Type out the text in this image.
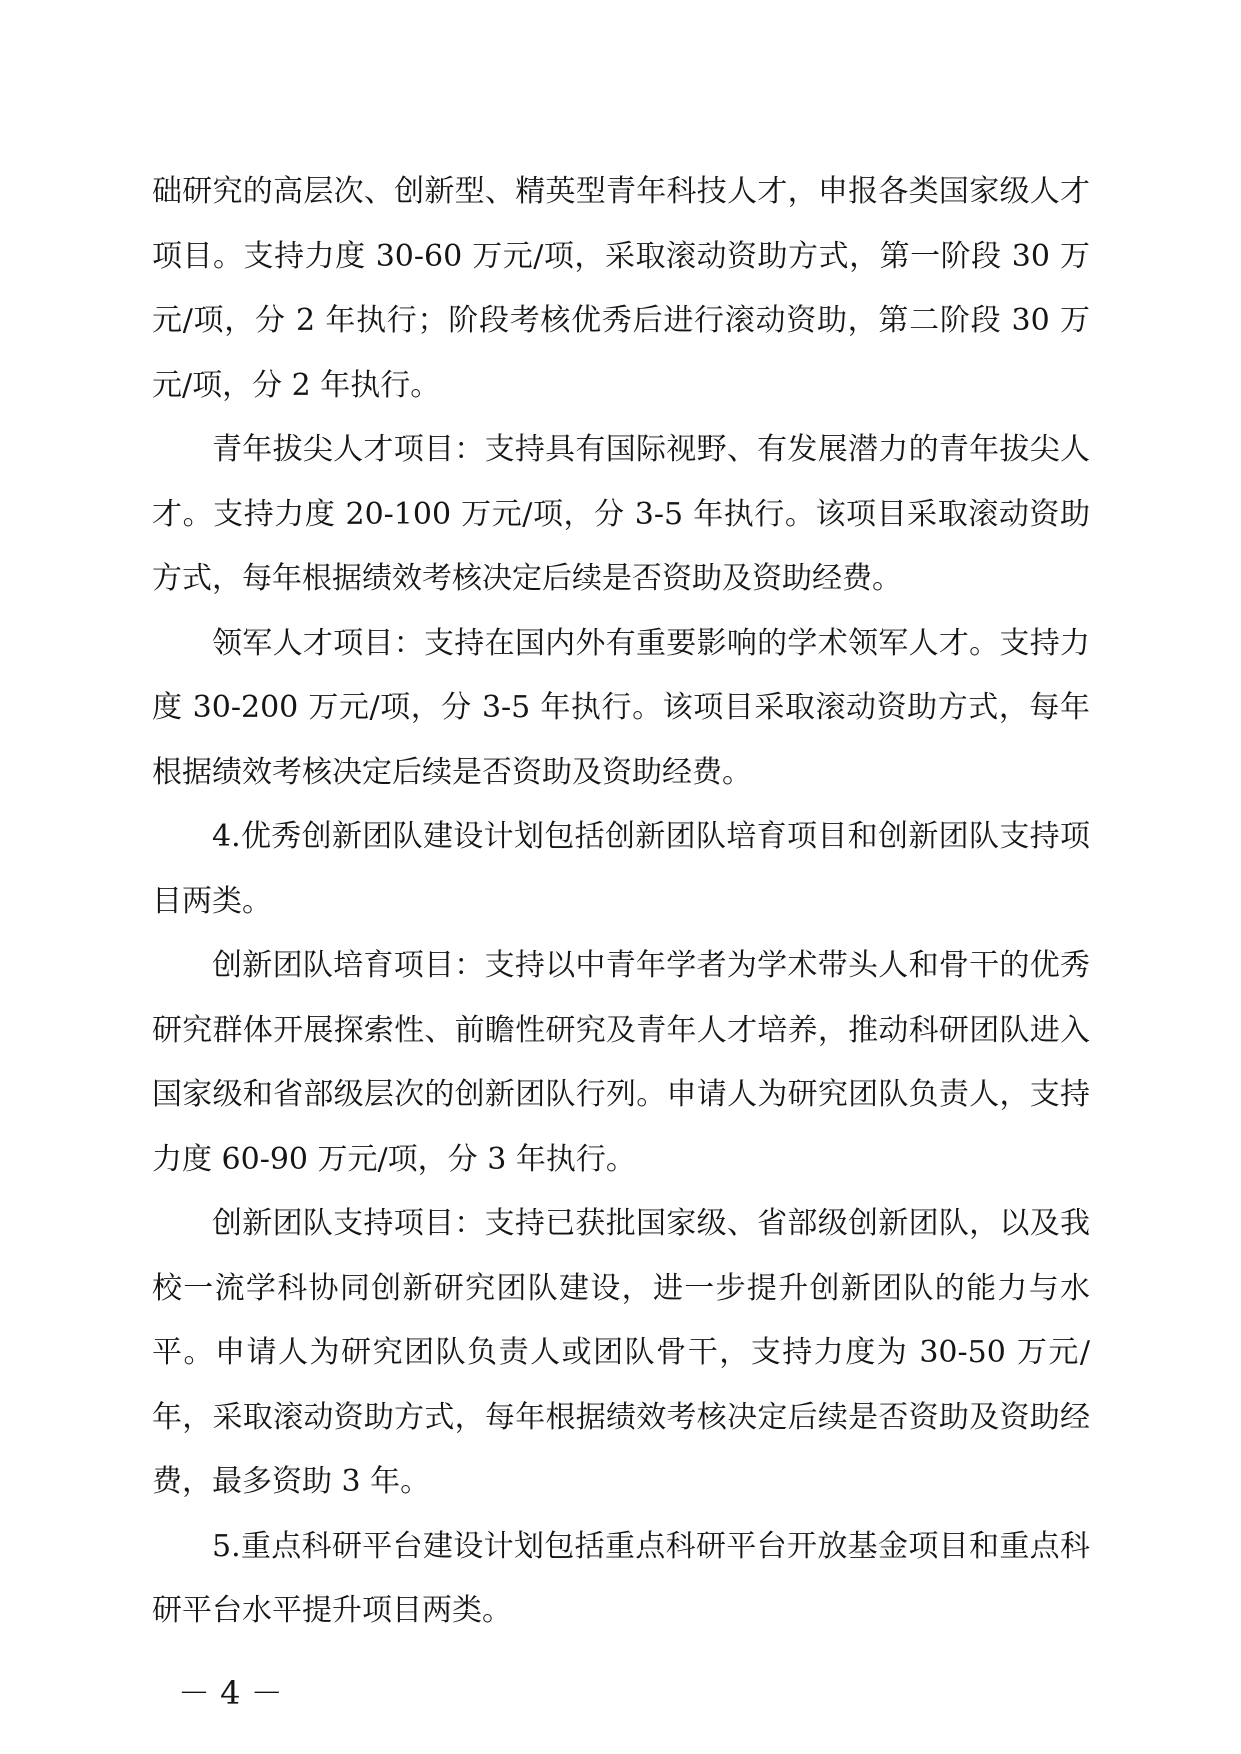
础研究的高层次、创新型、精英型青年科技人才，申报各类国家级人才项目。支持力度 30-60 万元/项，采取滚动资助方式，第一阶段 30 万元/项，分 2 年执行；阶段考核优秀后进行滚动资助，第二阶段 30 万元/项，分 2 年执行。

青年拔尖人才项目：支持具有国际视野、有发展潜力的青年拔尖人才。支持力度 20-100 万元/项，分 3-5 年执行。该项目采取滚动资助方式，每年根据绩效考核决定后续是否资助及资助经费。

领军人才项目：支持在国内外有重要影响的学术领军人才。支持力度 30-200 万元/项，分 3-5 年执行。该项目采取滚动资助方式，每年根据绩效考核决定后续是否资助及资助经费。

4.优秀创新团队建设计划包括创新团队培育项目和创新团队支持项目两类。

创新团队培育项目：支持以中青年学者为学术带头人和骨干的优秀研究群体开展探索性、前瞻性研究及青年人才培养，推动科研团队进入国家级和省部级层次的创新团队行列。申请人为研究团队负责人，支持力度 60-90 万元/项，分 3 年执行。

创新团队支持项目：支持已获批国家级、省部级创新团队，以及我校一流学科协同创新研究团队建设，进一步提升创新团队的能力与水平。申请人为研究团队负责人或团队骨干，支持力度为 30-50 万元/年，采取滚动资助方式，每年根据绩效考核决定后续是否资助及资助经费，最多资助 3 年。

5.重点科研平台建设计划包括重点科研平台开放基金项目和重点科研平台水平提升项目两类。

－ 4 －
